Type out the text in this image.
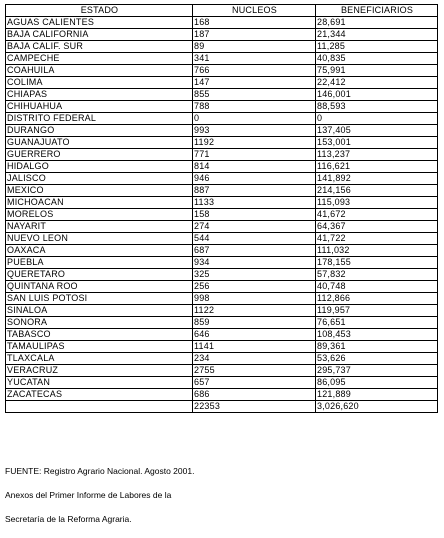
ESTADO	NUCLEOS	BENEFICIARIOS
AGUAS CALIENTES	168	28,691
BAJA CALIFORNIA	187	21,344
BAJA CALIF. SUR	89	11,285
CAMPECHE	341	40,835
COAHUILA	766	75,991
COLIMA	147	22,412
CHIAPAS	855	146,001
CHIHUAHUA	788	88,593
DISTRITO FEDERAL	0	0
DURANGO	993	137,405
GUANAJUATO	1192	153,001
GUERRERO	771	113,237
HIDALGO	814	116,621
JALISCO	946	141,892
MEXICO	887	214,156
MICHOACAN	1133	115,093
MORELOS	158	41,672
NAYARIT	274	64,367
NUEVO LEON	544	41,722
OAXACA	687	111,032
PUEBLA	934	178,155
QUERETARO	325	57,832
QUINTANA ROO	256	40,748
SAN LUIS POTOSI	998	112,866
SINALOA	1122	119,957
SONORA	859	76,651
TABASCO	646	108,453
TAMAULIPAS	1141	89,361
TLAXCALA	234	53,626
VERACRUZ	2755	295,737
YUCATAN	657	86,095
ZACATECAS	686	121,889
	22353	3,026,620
FUENTE: Registro Agrario Nacional. Agosto 2001.
Anexos del Primer Informe de Labores de la
Secretaría de la Reforma Agraria.
